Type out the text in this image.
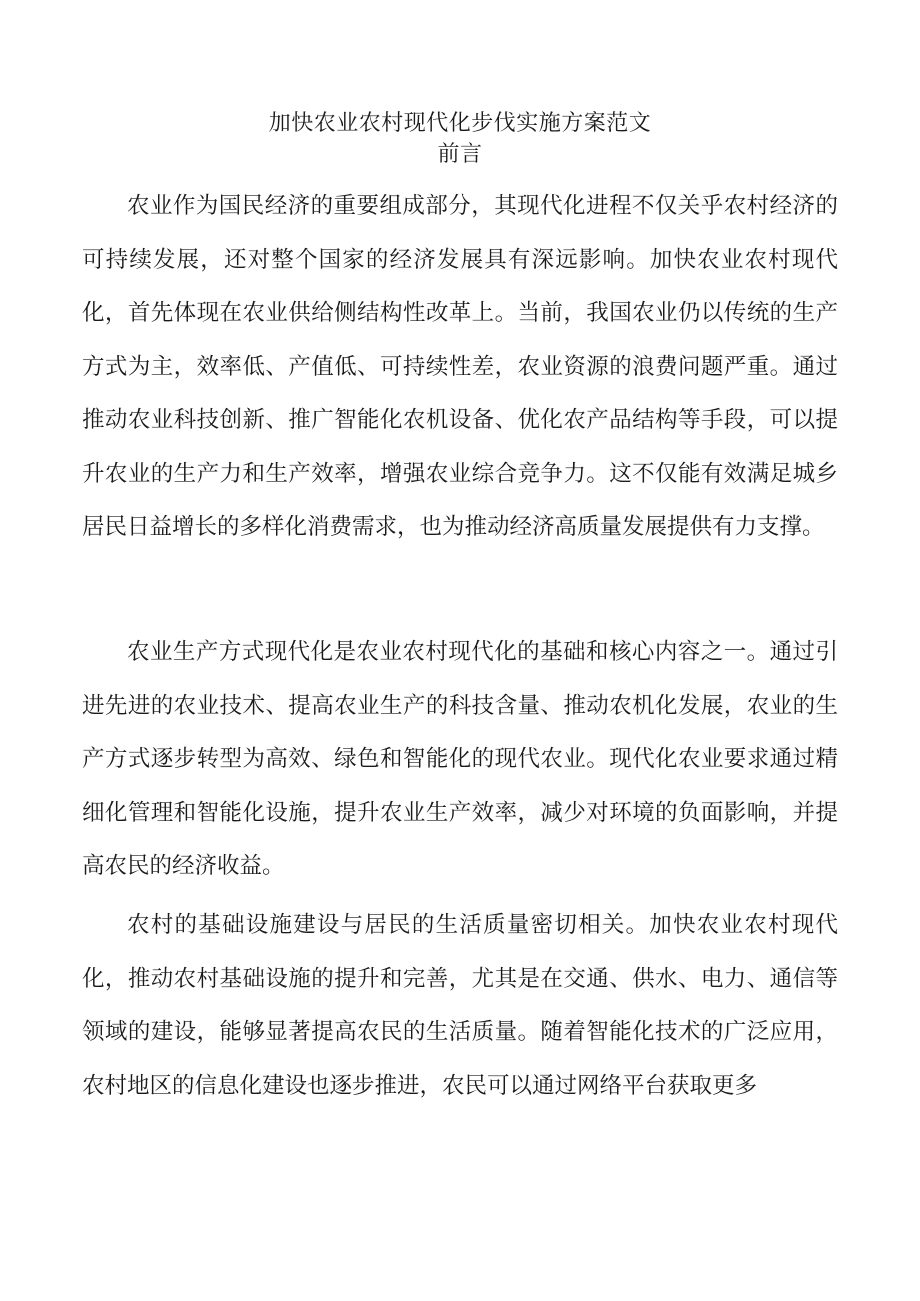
加快农业农村现代化步伐实施方案范文
前言

农业作为国民经济的重要组成部分，其现代化进程不仅关乎农村经济的可持续发展，还对整个国家的经济发展具有深远影响。加快农业农村现代化，首先体现在农业供给侧结构性改革上。当前，我国农业仍以传统的生产方式为主，效率低、产值低、可持续性差，农业资源的浪费问题严重。通过推动农业科技创新、推广智能化农机设备、优化农产品结构等手段，可以提升农业的生产力和生产效率，增强农业综合竞争力。这不仅能有效满足城乡居民日益增长的多样化消费需求，也为推动经济高质量发展提供有力支撑。

农业生产方式现代化是农业农村现代化的基础和核心内容之一。通过引进先进的农业技术、提高农业生产的科技含量、推动农机化发展，农业的生产方式逐步转型为高效、绿色和智能化的现代农业。现代化农业要求通过精细化管理和智能化设施，提升农业生产效率，减少对环境的负面影响，并提高农民的经济收益。

农村的基础设施建设与居民的生活质量密切相关。加快农业农村现代化，推动农村基础设施的提升和完善，尤其是在交通、供水、电力、通信等领域的建设，能够显著提高农民的生活质量。随着智能化技术的广泛应用，农村地区的信息化建设也逐步推进，农民可以通过网络平台获取更多
